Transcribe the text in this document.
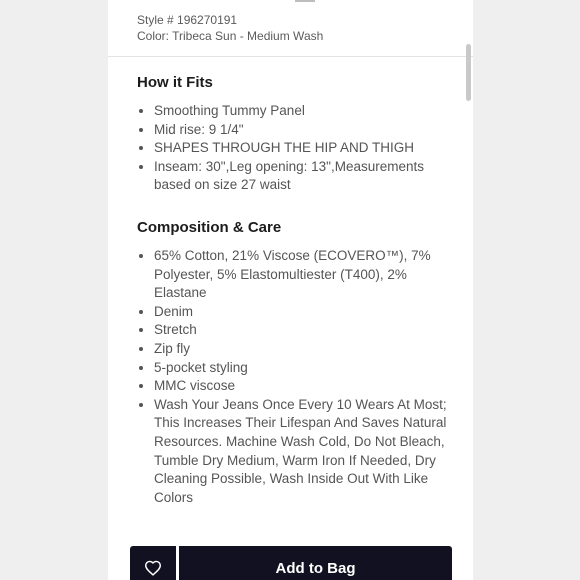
Style # 196270191
Color: Tribeca Sun - Medium Wash
How it Fits
Smoothing Tummy Panel
Mid rise: 9 1/4"
SHAPES THROUGH THE HIP AND THIGH
Inseam: 30",Leg opening: 13",Measurements based on size 27 waist
Composition & Care
65% Cotton, 21% Viscose (ECOVERO™), 7% Polyester, 5% Elastomultiester (T400), 2% Elastane
Denim
Stretch
Zip fly
5-pocket styling
MMC viscose
Wash Your Jeans Once Every 10 Wears At Most; This Increases Their Lifespan And Saves Natural Resources. Machine Wash Cold, Do Not Bleach, Tumble Dry Medium, Warm Iron If Needed, Dry Cleaning Possible, Wash Inside Out With Like Colors
Add to Bag
